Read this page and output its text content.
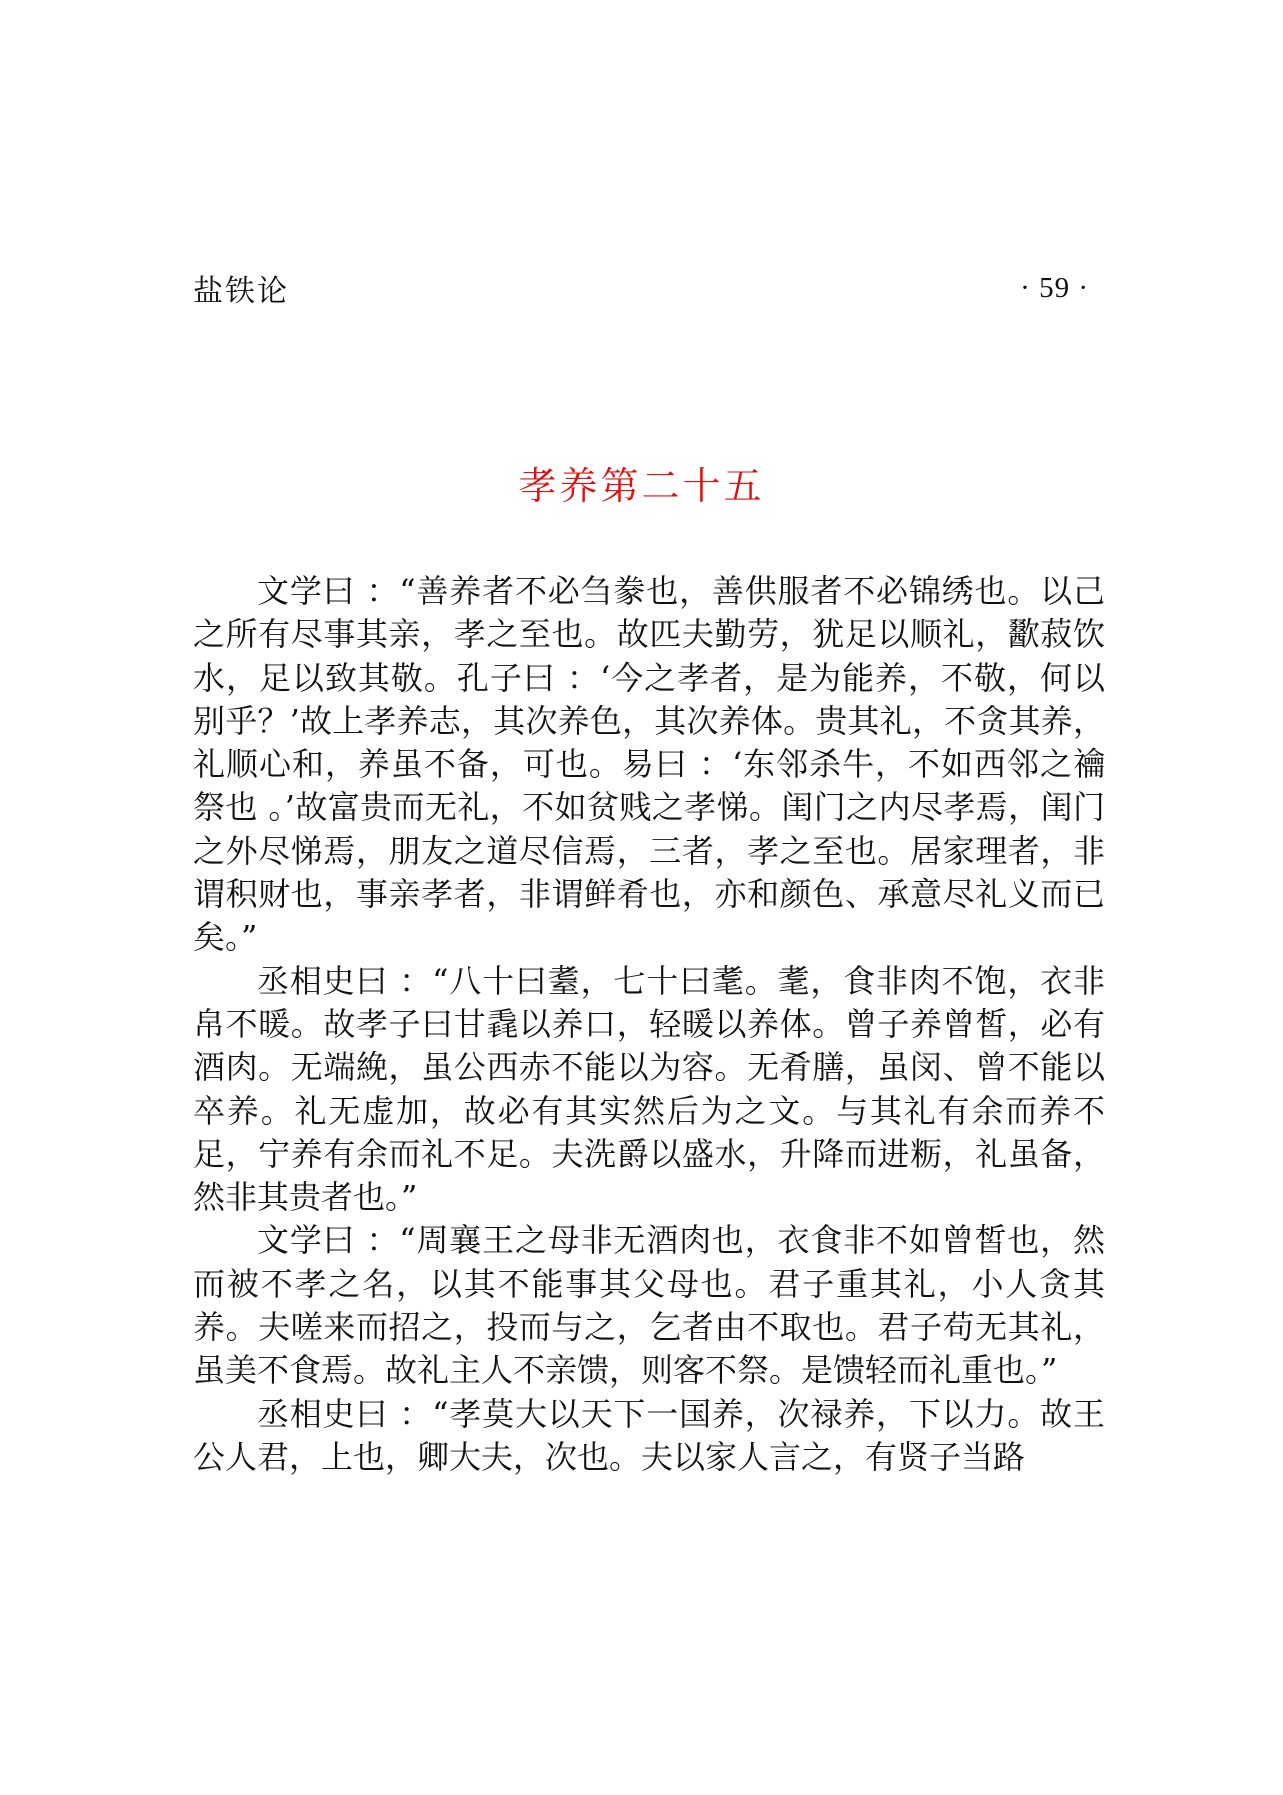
盐铁论	· 59 ·
孝养第二十五

文学曰 ：“善养者不必刍豢也，善供服者不必锦绣也。以己之所有尽事其亲，孝之至也。故匹夫勤劳，犹足以顺礼，歠菽饮水，足以致其敬。孔子曰 ：‘今之孝者，是为能养，不敬，何以别乎？’故上孝养志，其次养色，其次养体。贵其礼，不贪其养，礼顺心和，养虽不备，可也。易曰 ：‘东邻杀牛，不如西邻之禴祭也 。’故富贵而无礼，不如贫贱之孝悌。闺门之内尽孝焉，闺门之外尽悌焉，朋友之道尽信焉，三者，孝之至也。居家理者，非谓积财也，事亲孝者，非谓鲜肴也，亦和颜色、承意尽礼义而已矣。”

丞相史曰 ：“八十曰耋，七十曰耄。耄，食非肉不饱，衣非帛不暖。故孝子曰甘毳以养口，轻暖以养体。曾子养曾皙，必有酒肉。无端絻，虽公西赤不能以为容。无肴膳，虽闵、曾不能以卒养。礼无虚加，故必有其实然后为之文。与其礼有余而养不足，宁养有余而礼不足。夫洗爵以盛水，升降而进粝，礼虽备，然非其贵者也。”

文学曰 ：“周襄王之母非无酒肉也，衣食非不如曾皙也，然而被不孝之名，以其不能事其父母也。君子重其礼，小人贪其养。夫嗟来而招之，投而与之，乞者由不取也。君子苟无其礼，虽美不食焉。故礼主人不亲馈，则客不祭。是馈轻而礼重也。”

丞相史曰 ：“孝莫大以天下一国养，次禄养，下以力。故王公人君，上也，卿大夫，次也。夫以家人言之，有贤子当路
